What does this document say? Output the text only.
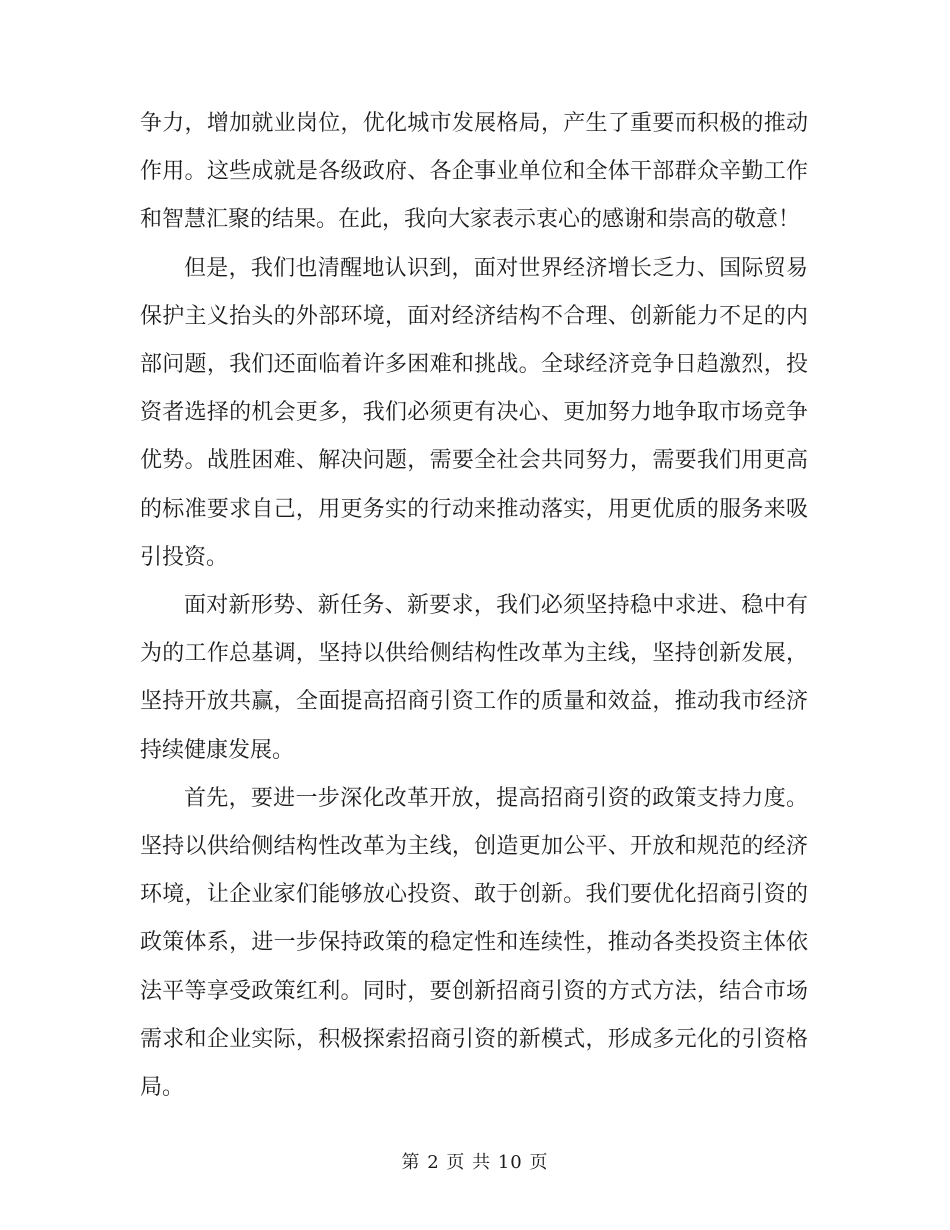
争力，增加就业岗位，优化城市发展格局，产生了重要而积极的推动
作用。这些成就是各级政府、各企事业单位和全体干部群众辛勤工作
和智慧汇聚的结果。在此，我向大家表示衷心的感谢和崇高的敬意！

但是，我们也清醒地认识到，面对世界经济增长乏力、国际贸易
保护主义抬头的外部环境，面对经济结构不合理、创新能力不足的内
部问题，我们还面临着许多困难和挑战。全球经济竞争日趋激烈，投
资者选择的机会更多，我们必须更有决心、更加努力地争取市场竞争
优势。战胜困难、解决问题，需要全社会共同努力，需要我们用更高
的标准要求自己，用更务实的行动来推动落实，用更优质的服务来吸
引投资。

面对新形势、新任务、新要求，我们必须坚持稳中求进、稳中有
为的工作总基调，坚持以供给侧结构性改革为主线，坚持创新发展，
坚持开放共赢，全面提高招商引资工作的质量和效益，推动我市经济
持续健康发展。

首先，要进一步深化改革开放，提高招商引资的政策支持力度。
坚持以供给侧结构性改革为主线，创造更加公平、开放和规范的经济
环境，让企业家们能够放心投资、敢于创新。我们要优化招商引资的
政策体系，进一步保持政策的稳定性和连续性，推动各类投资主体依
法平等享受政策红利。同时，要创新招商引资的方式方法，结合市场
需求和企业实际，积极探索招商引资的新模式，形成多元化的引资格
局。

第 2 页 共 10 页
